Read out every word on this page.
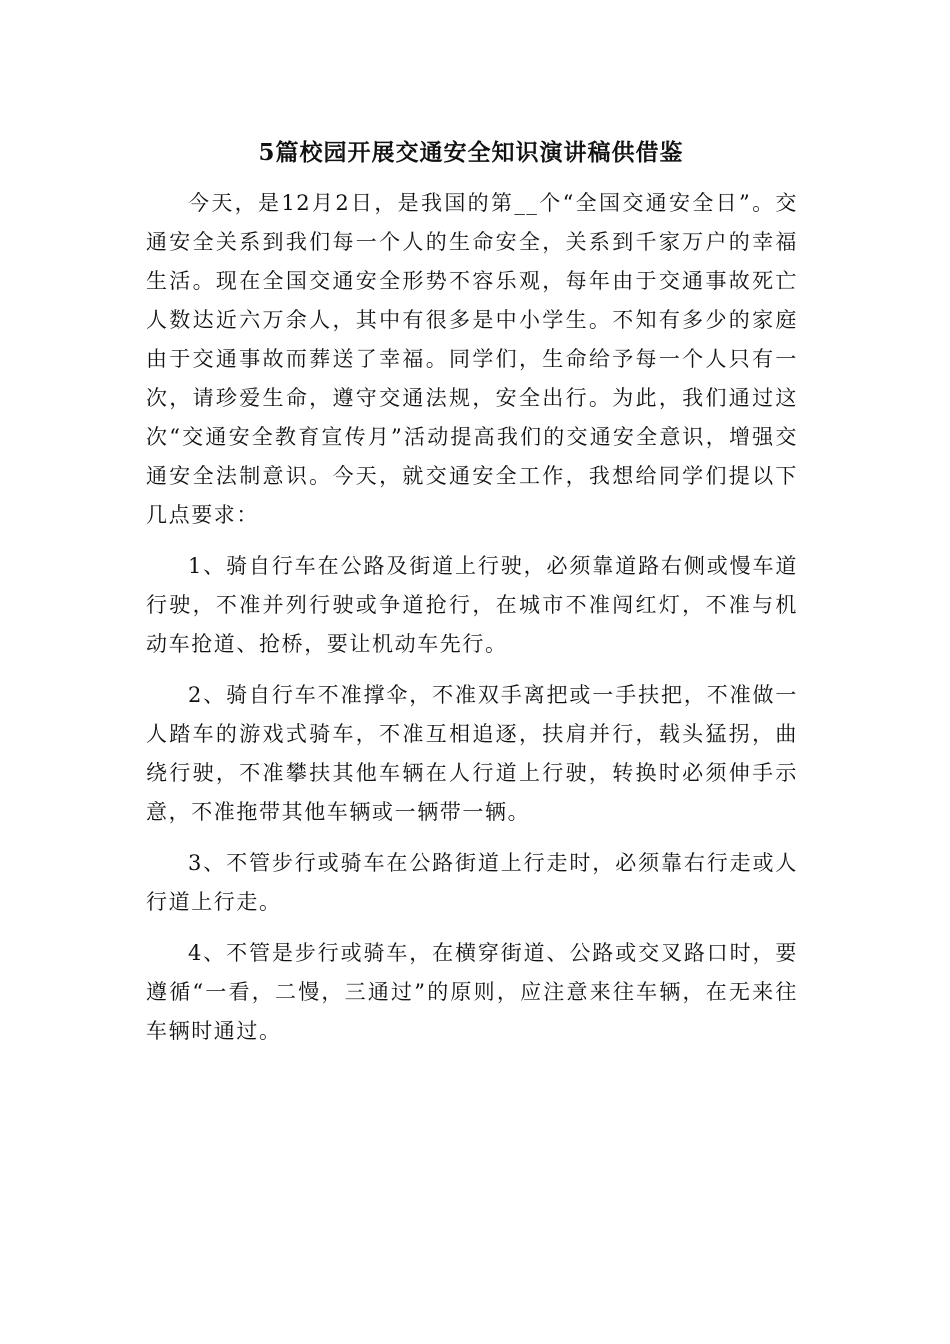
5篇校园开展交通安全知识演讲稿供借鉴

今天，是12月2日，是我国的第__个“全国交通安全日”。交通安全关系到我们每一个人的生命安全，关系到千家万户的幸福生活。现在全国交通安全形势不容乐观，每年由于交通事故死亡人数达近六万余人，其中有很多是中小学生。不知有多少的家庭由于交通事故而葬送了幸福。同学们，生命给予每一个人只有一次，请珍爱生命，遵守交通法规，安全出行。为此，我们通过这次“交通安全教育宣传月”活动提高我们的交通安全意识，增强交通安全法制意识。今天，就交通安全工作，我想给同学们提以下几点要求：

1、骑自行车在公路及街道上行驶，必须靠道路右侧或慢车道行驶，不准并列行驶或争道抢行，在城市不准闯红灯，不准与机动车抢道、抢桥，要让机动车先行。

2、骑自行车不准撑伞，不准双手离把或一手扶把，不准做一人踏车的游戏式骑车，不准互相追逐，扶肩并行，载头猛拐，曲绕行驶，不准攀扶其他车辆在人行道上行驶，转换时必须伸手示意，不准拖带其他车辆或一辆带一辆。

3、不管步行或骑车在公路街道上行走时，必须靠右行走或人行道上行走。

4、不管是步行或骑车，在横穿街道、公路或交叉路口时，要遵循“一看，二慢，三通过”的原则，应注意来往车辆，在无来往车辆时通过。
